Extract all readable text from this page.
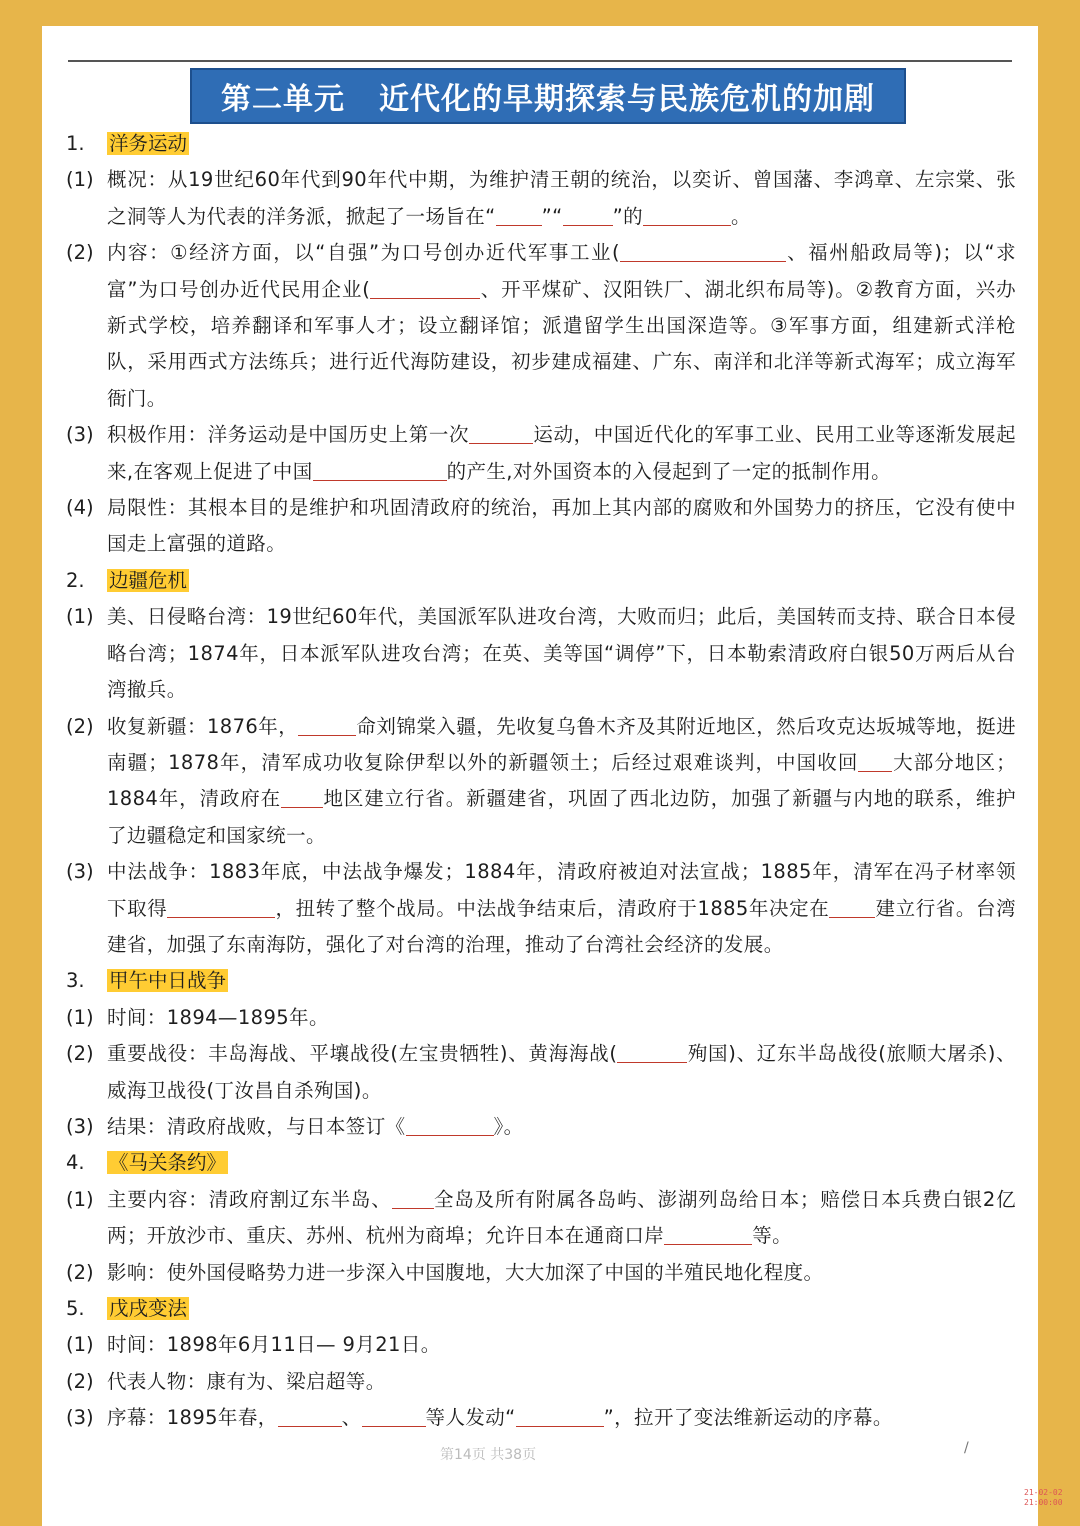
第二单元 近代化的早期探索与民族危机的加剧
1.	洋务运动
(1) 概况：从19世纪60年代到90年代中期，为维护清王朝的统治，以奕䜣、曾国藩、李鸿章、左宗棠、张之洞等人为代表的洋务派，掀起了一场旨在“ ”“	”的	。
(2) 内容：①经济方面，以“自强”为口号创办近代军事工业(	、福州船政局等)；以“求富”为口号创办近代民用企业(	、开平煤矿、汉阳铁厂、湖北织布局等)。②教育方面，兴办新式学校，培养翻译和军事人才；设立翻译馆；派遣留学生出国深造等。③军事方面，组建新式洋枪队，采用西式方法练兵；进行近代海防建设，初步建成福建、广东、南洋和北洋等新式海军；成立海军衙门。
(3) 积极作用：洋务运动是中国历史上第一次	运动，中国近代化的军事工业、民用工业等逐渐发展起来,在客观上促进了中国	的产生,对外国资本的入侵起到了一定的抵制作用。
(4) 局限性：其根本目的是维护和巩固清政府的统治，再加上其内部的腐败和外国势力的挤压，它没有使中国走上富强的道路。
2.	边疆危机
(1) 美、日侵略台湾：19世纪60年代，美国派军队进攻台湾，大败而归；此后，美国转而支持、联合日本侵略台湾；1874年，日本派军队进攻台湾；在英、美等国“调停”下，日本勒索清政府白银50万两后从台湾撤兵。
(2) 收复新疆：1876年，	命刘锦棠入疆，先收复乌鲁木齐及其附近地区，然后攻克达坂城等地，挺进南疆；1878年，清军成功收复除伊犁以外的新疆领土；后经过艰难谈判，中国收回 大部分地区；1884年，清政府在 地区建立行省。新疆建省，巩固了西北边防，加强了新疆与内地的联系，维护了边疆稳定和国家统一。
(3) 中法战争：1883年底，中法战争爆发；1884年，清政府被迫对法宣战；1885年，清军在冯子材率领下取得	，扭转了整个战局。中法战争结束后，清政府于1885年决定在 建立行省。台湾建省，加强了东南海防，强化了对台湾的治理，推动了台湾社会经济的发展。
3.	甲午中日战争
(1) 时间：1894—1895年。
(2) 重要战役：丰岛海战、平壤战役(左宝贵牺牲)、黄海海战(	殉国)、辽东半岛战役(旅顺大屠杀)、威海卫战役(丁汝昌自杀殉国)。
(3) 结果：清政府战败，与日本签订《	》。
4.	《马关条约》
(1) 主要内容：清政府割辽东半岛、 全岛及所有附属各岛屿、澎湖列岛给日本；赔偿日本兵费白银2亿两；开放沙市、重庆、苏州、杭州为商埠；允许日本在通商口岸	等。
(2) 影响：使外国侵略势力进一步深入中国腹地，大大加深了中国的半殖民地化程度。
5.	戊戌变法
(1) 时间：1898年6月11日— 9月21日。
(2) 代表人物：康有为、梁启超等。
(3) 序幕：1895年春，	、	等人发动“	”，拉开了变法维新运动的序幕。
第14页 共38页	/
21-02-02 21:00:00
